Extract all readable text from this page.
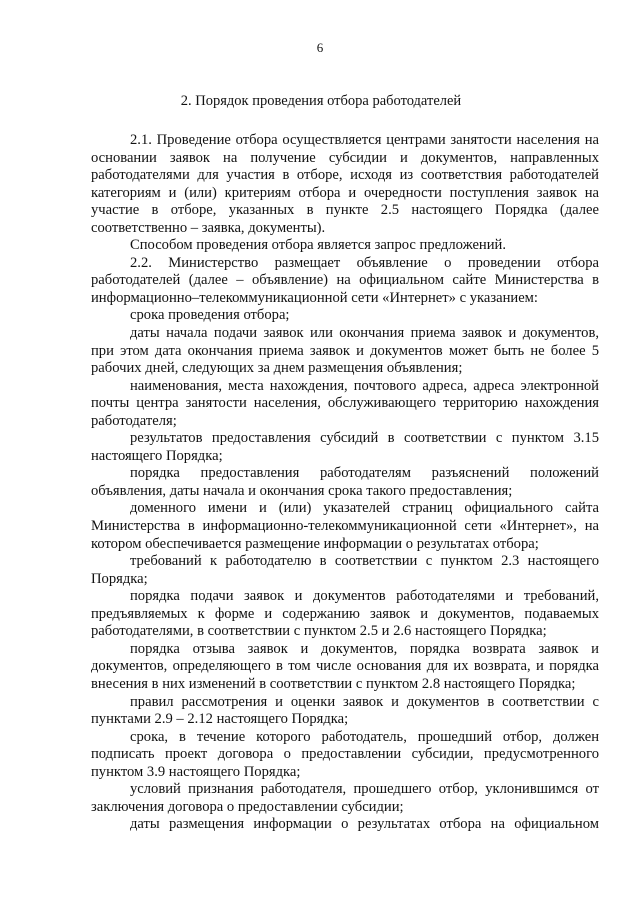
6
2. Порядок проведения отбора работодателей

2.1. Проведение отбора осуществляется центрами занятости населения на основании заявок на получение субсидии и документов, направленных работодателями для участия в отборе, исходя из соответствия работодателей категориям и (или) критериям отбора и очередности поступления заявок на участие в отборе, указанных в пункте 2.5 настоящего Порядка (далее соответственно – заявка, документы).

Способом проведения отбора является запрос предложений.

2.2. Министерство размещает объявление о проведении отбора работодателей (далее – объявление) на официальном сайте Министерства в информационно–телекоммуникационной сети «Интернет» с указанием:

срока проведения отбора;

даты начала подачи заявок или окончания приема заявок и документов, при этом дата окончания приема заявок и документов может быть не более 5 рабочих дней, следующих за днем размещения объявления;

наименования, места нахождения, почтового адреса, адреса электронной почты центра занятости населения, обслуживающего территорию нахождения работодателя;

результатов предоставления субсидий в соответствии с пунктом 3.15 настоящего Порядка;

порядка предоставления работодателям разъяснений положений объявления, даты начала и окончания срока такого предоставления;

доменного имени и (или) указателей страниц официального сайта Министерства в информационно-телекоммуникационной сети «Интернет», на котором обеспечивается размещение информации о результатах отбора;

требований к работодателю в соответствии с пунктом 2.3 настоящего Порядка;

порядка подачи заявок и документов работодателями и требований, предъявляемых к форме и содержанию заявок и документов, подаваемых работодателями, в соответствии с пунктом 2.5 и 2.6 настоящего Порядка;

порядка отзыва заявок и документов, порядка возврата заявок и документов, определяющего в том числе основания для их возврата, и порядка внесения в них изменений в соответствии с пунктом 2.8 настоящего Порядка;

правил рассмотрения и оценки заявок и документов в соответствии с пунктами 2.9 – 2.12 настоящего Порядка;

срока, в течение которого работодатель, прошедший отбор, должен подписать проект договора о предоставлении субсидии, предусмотренного пунктом 3.9 настоящего Порядка;

условий признания работодателя, прошедшего отбор, уклонившимся от заключения договора о предоставлении субсидии;

даты размещения информации о результатах отбора на официальном
